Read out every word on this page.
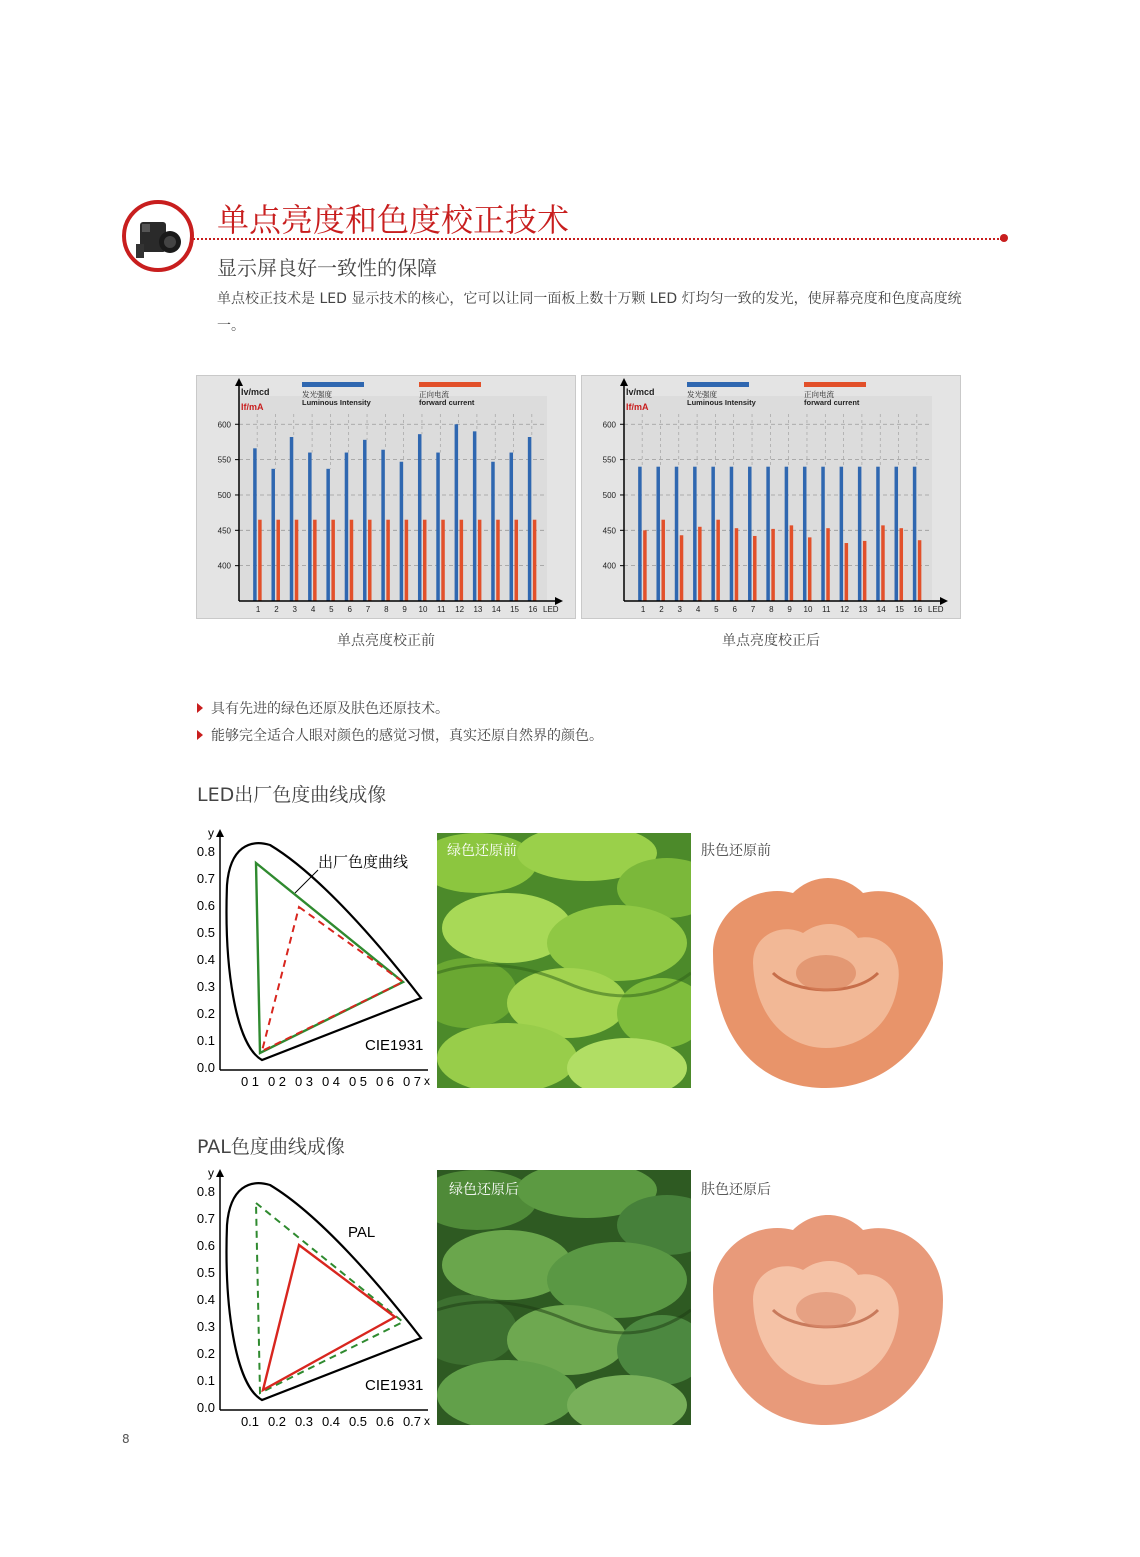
单点亮度和色度校正技术
显示屏良好一致性的保障
单点校正技术是 LED 显示技术的核心，它可以让同一面板上数十万颗 LED 灯均匀一致的发光，使屏幕亮度和色度高度统一。
400
450
500
550
600
1 2 3 4 5 6 7 8 9 10 11 12 13 14 15 16 LED
Iv/mcd
If/mA
发光强度
Luminous Intensity
正向电流
forward current
400
450
500
550
600
1 2 3 4 5 6 7 8 9 10 11 12 13 14 15 16 LED
Iv/mcd
If/mA
发光强度
Luminous Intensity
正向电流
forward current
单点亮度校正前	单点亮度校正后
具有先进的绿色还原及肤色还原技术。
能够完全适合人眼对颜色的感觉习惯，真实还原自然界的颜色。
LED出厂色度曲线成像
y
x
0.8
0.7
0.6
0.5
0.4
0.3
0.2
0.1
0.0
0 1 0 2 0 3 0 4 0 5 0 6 0 7
出厂色度曲线
CIE1931
绿色还原前	肤色还原前
PAL色度曲线成像
y
x
0.8
0.7
0.6
0.5
0.4
0.3
0.2
0.1
0.0
0.1 0.2 0.3 0.4 0.5 0.6 0.7
PAL
CIE1931
绿色还原后	肤色还原后
8
